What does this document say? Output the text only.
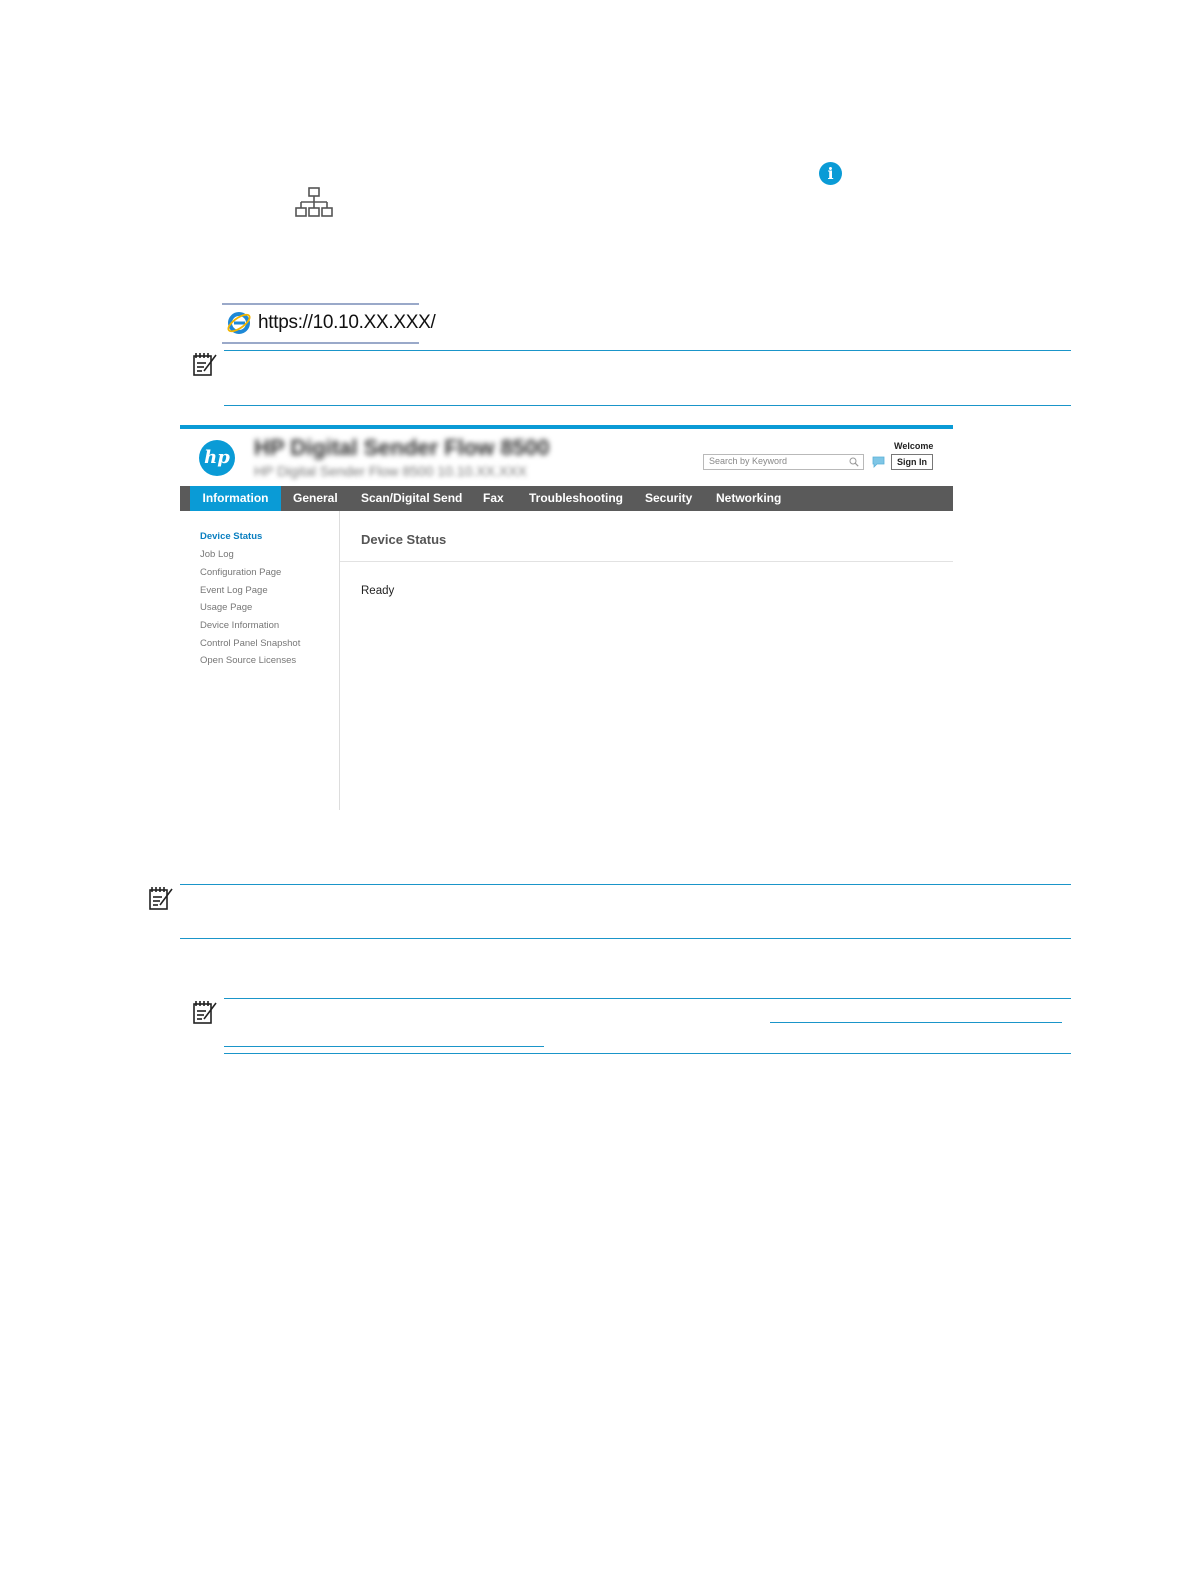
i
https://10.10.XX.XXX/
hp HP Digital Sender Flow 8500
HP Digital Sender Flow 8500 10.10.XX.XXX
Search by Keyword
Welcome
Sign In
Information	General Scan/Digital Send Fax Troubleshooting Security Networking
Device Status
Job Log
Configuration Page
Event Log Page
Usage Page
Device Information
Control Panel Snapshot
Open Source Licenses
Device Status
Ready
